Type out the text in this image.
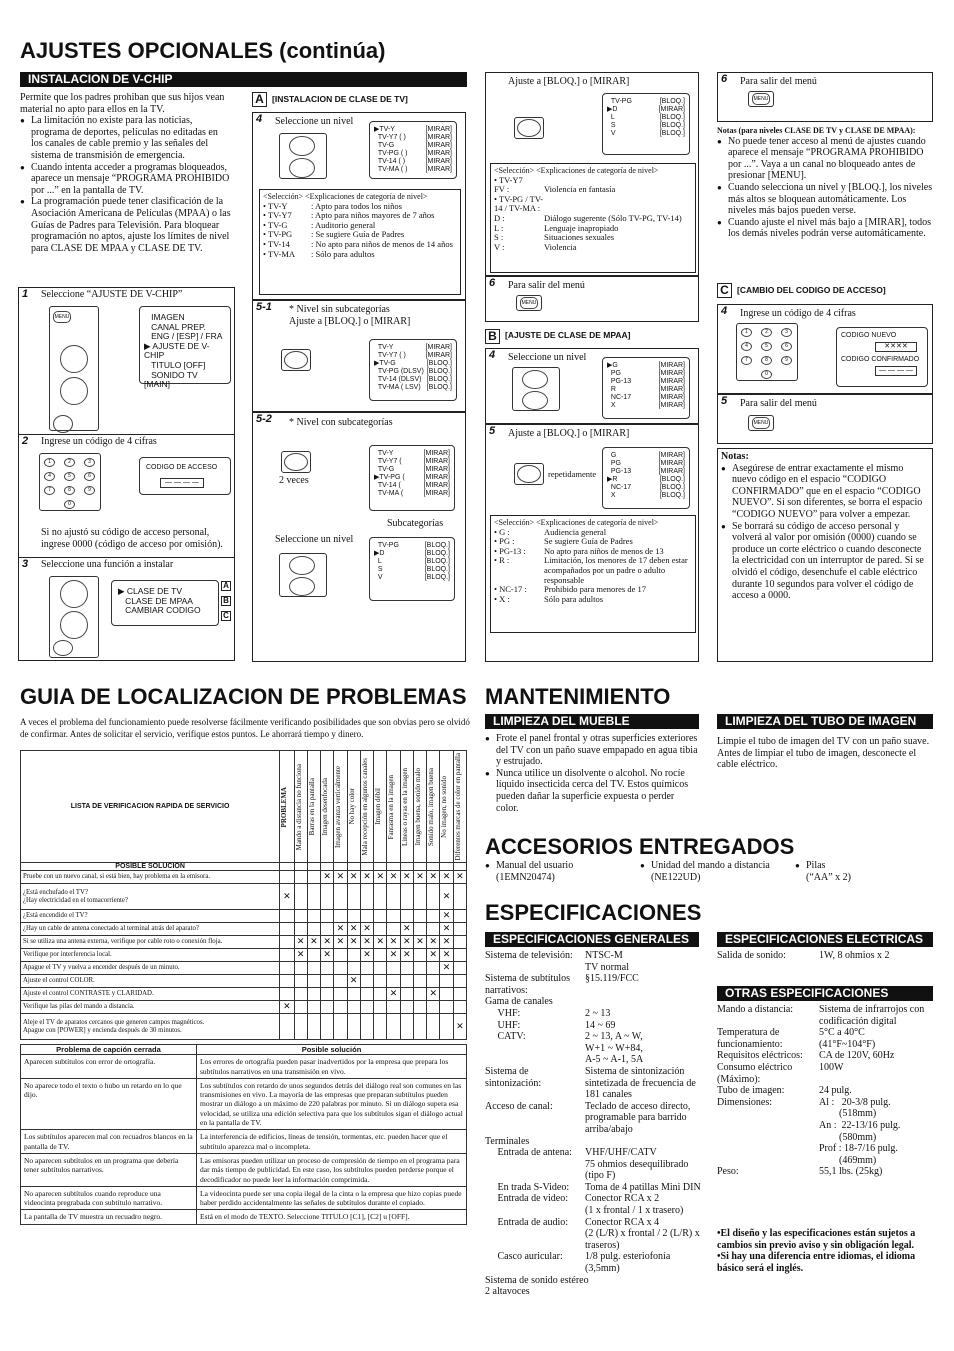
AJUSTES OPCIONALES (continúa)
INSTALACION DE V-CHIP
Permite que los padres prohiban que sus hijos vean material no apto para ellos en la TV.
● La limitación no existe para las noticias, programa de deportes, películas no editadas en los canales de cable premio y las señales del sistema de transmisión de emergencia.
● Cuando intenta acceder a programas bloqueados, aparece un mensaje “PROGRAMA PROHIBIDO por ...” en la pantalla de TV.
● La programación puede tener clasificación de la Asociación Americana de Películas (MPAA) o las Guías de Padres para Televisión. Para bloquear programación no aptos, ajuste los límites de nivel para CLASE DE MPAA y CLASE DE TV.
1 Seleccione “AJUSTE DE V-CHIP”
MENU	IMAGEN
CANAL PREP.
ENG / [ESP] / FRA
▶ AJUSTE DE V-CHIP
TITULO [OFF]
SONIDO TV [MAIN]
2 Ingrese un código de 4 cifras
1	2	3
4	5	6
7	8	9
0
CODIGO DE ACCESO
— — — —
Si no ajustó su código de acceso personal, ingrese 0000 (código de acceso por omisión).
3 Seleccione una función a instalar
▶ CLASE DE TV
CLASE DE MPAA
CAMBIAR CODIGO
A
B
C
A [INSTALACION DE CLASE DE TV]
4 Seleccione un nivel
▶TV-Y	[MIRAR]
TV-Y7 ( )	[MIRAR]
TV-G	[MIRAR]
TV-PG ( )	[MIRAR]
TV-14 ( )	[MIRAR]
TV-MA ( )	[MIRAR]
<Selección> <Explicaciones de categoría de nivel>
• TV-Y	: Apto para todos los niños
• TV-Y7	: Apto para niños mayores de 7 años
• TV-G	: Auditorio general
• TV-PG	: Se sugiere Guía de Padres
• TV-14	: No apto para niños de menos de 14 años
• TV-MA	: Sólo para adultos
5-1 * Nivel sin subcategorías
Ajuste a [BLOQ.] o [MIRAR]
TV-Y	[MIRAR]
TV-Y7 ( )	[MIRAR]
▶TV-G	[BLOQ.]
TV-PG (DLSV) [BLOQ.]
TV-14 (DLSV) [BLOQ.]
TV-MA ( LSV) [BLOQ.]
5-2 * Nivel con subcategorías
2 veces
TV-Y	[MIRAR]
TV-Y7 (	[MIRAR]
TV-G	[MIRAR]
▶TV-PG (	[MIRAR]
TV-14 (	[MIRAR]
TV-MA (	[MIRAR]
Subcategorías
Seleccione un nivel
TV-PG	[BLOQ.]
▶D	[BLOQ.]
L	[BLOQ.]
S	[BLOQ.]
V	[BLOQ.]
Ajuste a [BLOQ.] o [MIRAR]
TV-PG	[BLOQ.]
▶D	[MIRAR]
L	[BLOQ.]
S	[BLOQ.]
V	[BLOQ.]
<Selección> <Explicaciones de categoría de nivel>
• TV-Y7
FV :	Violencia en fantasía
• TV-PG / TV-14 / TV-MA :
D :	Diálogo sugerente (Sólo TV-PG, TV-14)
L :	Lenguaje inapropiado
S :	Situaciones sexuales
V :	Violencia
6 Para salir del menú
MENU
B [AJUSTE DE CLASE DE MPAA]
4 Seleccione un nivel
▶G	[MIRAR]
PG	[MIRAR]
PG-13	[MIRAR]
R	[MIRAR]
NC-17	[MIRAR]
X	[MIRAR]
5 Ajuste a [BLOQ.] o [MIRAR]
repetidamente
G	[MIRAR]
PG	[MIRAR]
PG-13	[MIRAR]
▶R	[BLOQ.]
NC-17	[BLOQ.]
X	[BLOQ.]
<Selección> <Explicaciones de categoría de nivel>
• G :	Audiencia general
• PG :	Se sugiere Guía de Padres
• PG-13 :	No apto para niños de menos de 13
• R :	Limitación, los menores de 17 deben estar acompañados por un padre o adulto responsable
• NC-17 :	Prohibido para menores de 17
• X :	Sólo para adultos
6 Para salir del menú
MENU
Notas (para niveles CLASE DE TV y CLASE DE MPAA):
● No puede tener acceso al menú de ajustes cuando aparece el mensaje “PROGRAMA PROHIBIDO por ...”. Vaya a un canal no bloqueado antes de presionar [MENU].
● Cuando selecciona un nivel y [BLOQ.], los niveles más altos se bloquean automáticamente. Los niveles más bajos pueden verse.
● Cuando ajuste el nivel más bajo a [MIRAR], todos los demás niveles podrán verse automáticamente.
C [CAMBIO DEL CODIGO DE ACCESO]
4 Ingrese un código de 4 cifras
1	2	3
4	5	6
7	8	9
0
CODIGO NUEVO
✕✕✕✕
CODIGO CONFIRMADO
— — — —
5 Para salir del menú
MENU
Notas:
● Asegúrese de entrar exactamente el mismo nuevo código en el espacio “CODIGO CONFIRMADO” que en el espacio “CODIGO NUEVO”. Si son diferentes, se borra el espacio “CODIGO NUEVO” para volver a empezar.
● Se borrará su código de acceso personal y volverá al valor por omisión (0000) cuando se produce un corte eléctrico o cuando desconecte la electricidad con un interruptor de pared. Si se olvidó el código, desenchufe el cable eléctrico durante 10 segundos para volver el código de acceso a 0000.
GUIA DE LOCALIZACION DE PROBLEMAS
A veces el problema del funcionamiento puede resolverse fácilmente verificando posibilidades que son obvias pero se olvidó de confirmar. Antes de solicitar el servicio, verifique estos puntos. Le ahorrará tiempo y dinero.
LISTA DE VERIFICACION RAPIDA DE SERVICIO	PROBLEMA	Mando a distancia no funciona	Barras en la pantalla	Imagen desenfocada	Imagen avanza verticalmente	No hay color	Mala recepción en algunos canales	Imagen débil	Fantasma en la imagen	Líneas o rayas en la imagen	Imagen buena, sonido malo	Sonido malo, imagen buena	No imagen, no sonido	Diferentes marcas de color en pantalla

POSIBLE SOLUCION														

Pruebe con un nuevo canal, si está bien, hay problema en la emisora.				✕	✕	✕	✕	✕	✕	✕	✕	✕	✕	✕

¿Está enchufado el TV?
¿Hay electricidad en el tomacorriente?	✕												✕	

¿Está encendido el TV?													✕	

¿Hay un cable de antena conectado al terminal atrás del aparato?					✕	✕	✕			✕			✕	

Si se utiliza una antena externa, verifique por cable roto o conexión floja.		✕	✕	✕	✕	✕	✕	✕	✕	✕	✕	✕	✕	

Verifique por interferencia local.		✕		✕			✕		✕	✕		✕	✕	

Apague el TV y vuelva a encender después de un minuto.													✕	

Ajuste el control COLOR.						✕								

Ajuste el control CONTRASTE y CLARIDAD.									✕			✕		

Verifique las pilas del mando a distancia.	✕													

Aleje el TV de aparatos cercanos que generen campos magnéticos.
Apague con [POWER] y encienda después de 30 minutos.														✕
Problema de capción cerrada	Posible solución
Aparecen subtítulos con error de ortografía.	Los errores de ortografía pueden pasar inadvertidos por la empresa que prepara los subtítulos narrativos en una transmisión en vivo.
No aparece todo el texto o hubo un retardo en lo que dijo.	Los subtítulos con retardo de unos segundos detrás del diálogo real son comunes en las transmisiones en vivo. La mayoría de las empresas que preparan subtítulos pueden mostrar un diálogo a un máximo de 220 palabras por minuto. Si un diálogo supera esa velocidad, se utiliza una edición selectiva para que los subtítulos sigan el diálogo actual en la pantalla de TV.
Los subtítulos aparecen mal con recuadros blancos en la pantalla de TV.	La interferencia de edificios, líneas de tensión, tormentas, etc. pueden hacer que el subtítulo aparezca mal o incompleta.
No aparecen subtítulos en un programa que debería tener subtítulos narrativos.	Las emisoras pueden utilizar un proceso de compresión de tiempo en el programa para dar más tiempo de publicidad. En este caso, los subtítulos pueden perderse porque el decodificador no puede leer la información comprimida.
No aparecen subtítulos cuando reproduce una videocinta pregrabada con subtítulo narrativo.	La videocinta puede ser una copia ilegal de la cinta o la empresa que hizo copias puede haber perdido accidentalmente las señales de subtítulos durante el copiado.
La pantalla de TV muestra un recuadro negro.	Está en el modo de TEXTO. Seleccione TITULO [C1], [C2] u [OFF].
MANTENIMIENTO
LIMPIEZA DEL MUEBLE
● Frote el panel frontal y otras superficies exteriores del TV con un paño suave empapado en agua tibia y estrujado.
● Nunca utilice un disolvente o alcohol. No rocíe líquido insecticida cerca del TV. Estos químicos pueden dañar la superficie expuesta o perder color.
LIMPIEZA DEL TUBO DE IMAGEN
Limpie el tubo de imagen del TV con un paño suave. Antes de limpiar el tubo de imagen, desconecte el cable eléctrico.
ACCESORIOS ENTREGADOS
● Manual del usuario
(1EMN20474)
● Unidad del mando a distancia
(NE122UD)
● Pilas
(“AA” x 2)
ESPECIFICACIONES
ESPECIFICACIONES GENERALES
Sistema de televisión:	NTSC-M
TV normal
Sistema de subtítulos narrativos:
§15.119/FCC
Gama de canales
VHF:	2 ~ 13
UHF:	14 ~ 69
CATV:	2 ~ 13, A ~ W,
W+1 ~ W+84,
A-5 ~ A-1, 5A
Sistema de sintonización:
Sistema de sintonización sintetizada de frecuencia de 181 canales
Acceso de canal:	Teclado de acceso directo, programable para barrido arriba/abajo
Terminales
Entrada de antena:	VHF/UHF/CATV
75 ohmios desequilibrado (tipo F)
En trada S-Video:	Toma de 4 patillas Mini DIN
Entrada de video:	Conector RCA x 2
(1 x frontal / 1 x trasero)
Entrada de audio:	Conector RCA x 4
(2 (L/R) x frontal / 2 (L/R) x traseros)
Casco auricular:	1/8 pulg. esteriofonía (3,5mm)
Sistema de sonido estéreo
2 altavoces
ESPECIFICACIONES ELECTRICAS
Salida de sonido:	1W, 8 ohmios x 2
OTRAS ESPECIFICACIONES
Mando a distancia:	Sistema de infrarrojos con codificación digital
Temperatura de funcionamiento:
5°C a 40°C
(41°F~104°F)
Requisitos eléctricos:	CA de 120V, 60Hz
Consumo eléctrico (Máximo):
100W
Tubo de imagen:	24 pulg.
Dimensiones:	Al :   20-3/8 pulg.
(518mm)
An :  22-13/16 pulg.
(580mm)
Prof : 18-7/16 pulg.
(469mm)
Peso:	55,1 lbs. (25kg)
•El diseño y las especificaciones están sujetos a cambios sin previo aviso y sin obligación legal.
•Si hay una diferencia entre idiomas, el idioma básico será el inglés.
